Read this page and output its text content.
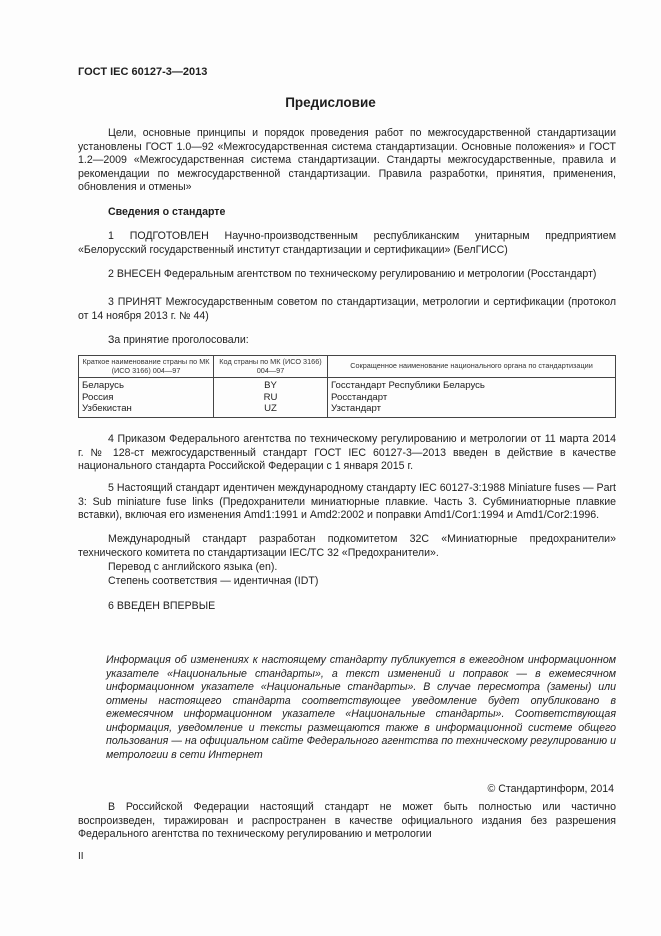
ГОСТ IEC 60127-3—2013
Предисловие
Цели, основные принципы и порядок проведения работ по межгосударственной стандартизации установлены ГОСТ 1.0—92 «Межгосударственная система стандартизации. Основные положения» и ГОСТ 1.2—2009 «Межгосударственная система стандартизации. Стандарты межгосударственные, правила и рекомендации по межгосударственной стандартизации. Правила разработки, принятия, применения, обновления и отмены»
Сведения о стандарте
1 ПОДГОТОВЛЕН Научно-производственным республиканским унитарным предприятием «Белорусский государственный институт стандартизации и сертификации» (БелГИСС)
2 ВНЕСЕН Федеральным агентством по техническому регулированию и метрологии (Росстандарт)
3 ПРИНЯТ Межгосударственным советом по стандартизации, метрологии и сертификации (протокол от 14 ноября 2013 г. № 44)
За принятие проголосовали:
Краткое наименование страны по МК (ИСО 3166) 004—97	Код страны по МК (ИСО 3166) 004—97	Сокращенное наименование национального органа по стандартизации
Беларусь	BY	Госстандарт Республики Беларусь
Россия	RU	Росстандарт
Узбекистан	UZ	Узстандарт
4 Приказом Федерального агентства по техническому регулированию и метрологии от 11 марта 2014 г. № 128-ст межгосударственный стандарт ГОСТ IEC 60127-3—2013 введен в действие в качестве национального стандарта Российской Федерации с 1 января 2015 г.
5 Настоящий стандарт идентичен международному стандарту IEC 60127-3:1988 Miniature fuses — Part 3: Sub miniature fuse links (Предохранители миниатюрные плавкие. Часть 3. Субминиатюрные плавкие вставки), включая его изменения Amd1:1991 и Amd2:2002 и поправки Amd1/Cor1:1994 и Amd1/Cor2:1996.
Международный стандарт разработан подкомитетом 32С «Миниатюрные предохранители» технического комитета по стандартизации IEC/TC 32 «Предохранители».
Перевод с английского языка (en).
Степень соответствия — идентичная (IDT)
6 ВВЕДЕН ВПЕРВЫЕ
Информация об изменениях к настоящему стандарту публикуется в ежегодном информационном указателе «Национальные стандарты», а текст изменений и поправок — в ежемесячном информационном указателе «Национальные стандарты». В случае пересмотра (замены) или отмены настоящего стандарта соответствующее уведомление будет опубликовано в ежемесячном информационном указателе «Национальные стандарты». Соответствующая информация, уведомление и тексты размещаются также в информационной системе общего пользования — на официальном сайте Федерального агентства по техническому регулированию и метрологии в сети Интернет
© Стандартинформ, 2014
В Российской Федерации настоящий стандарт не может быть полностью или частично воспроизведен, тиражирован и распространен в качестве официального издания без разрешения Федерального агентства по техническому регулированию и метрологии
II
